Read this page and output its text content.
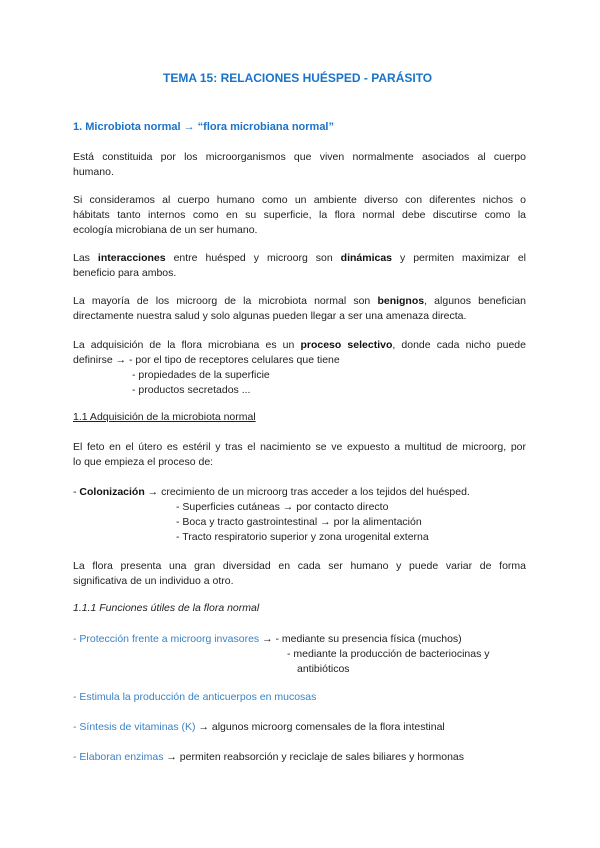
TEMA 15: RELACIONES HUÉSPED - PARÁSITO
1. Microbiota normal → “flora microbiana normal”
Está constituida por los microorganismos que viven normalmente asociados al cuerpo
humano.
Si consideramos al cuerpo humano como un ambiente diverso con diferentes nichos o
hábitats tanto internos como en su superficie, la flora normal debe discutirse como la
ecología microbiana de un ser humano.
Las interacciones entre huésped y microorg son dinámicas y permiten maximizar el
beneficio para ambos.
La mayoría de los microorg de la microbiota normal son benignos, algunos benefician
directamente nuestra salud y solo algunas pueden llegar a ser una amenaza directa.
La adquisición de la flora microbiana es un proceso selectivo, donde cada nicho puede
definirse → - por el tipo de receptores celulares que tiene
- propiedades de la superficie
- productos secretados ...
1.1 Adquisición de la microbiota normal
El feto en el útero es estéril y tras el nacimiento se ve expuesto a multitud de microorg, por
lo que empieza el proceso de:
- Colonización → crecimiento de un microorg tras acceder a los tejidos del huésped.
- Superficies cutáneas → por contacto directo
- Boca y tracto gastrointestinal → por la alimentación
- Tracto respiratorio superior y zona urogenital externa
La flora presenta una gran diversidad en cada ser humano y puede variar de forma
significativa de un individuo a otro.
1.1.1 Funciones útiles de la flora normal
- Protección frente a microorg invasores → - mediante su presencia física (muchos)
- mediante la producción de bacteriocinas y
antibióticos
- Estimula la producción de anticuerpos en mucosas
- Síntesis de vitaminas (K) → algunos microorg comensales de la flora intestinal
- Elaboran enzimas → permiten reabsorción y reciclaje de sales biliares y hormonas
